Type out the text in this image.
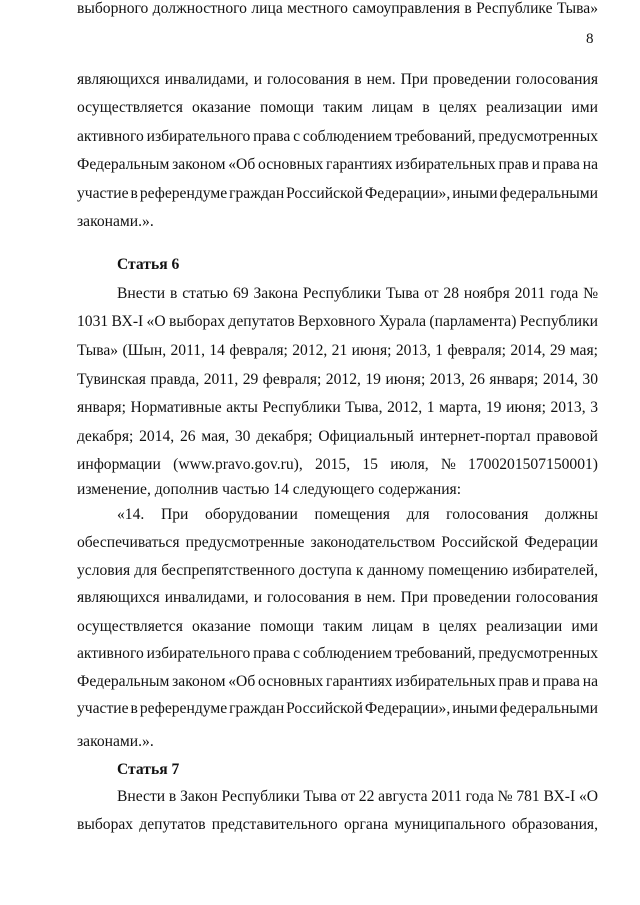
8
являющихся инвалидами, и голосования в нем. При проведении голосования
осуществляется оказание помощи таким лицам в целях реализации ими
активного избирательного права с соблюдением требований, предусмотренных
Федеральным законом «Об основных гарантиях избирательных прав и права на
участие в референдуме граждан Российской Федерации», иными федеральными
законами.».
Статья 6
Внести в статью 69 Закона Республики Тыва от 28 ноября 2011 года №
1031 ВХ-I «О выборах депутатов Верховного Хурала (парламента) Республики
Тыва» (Шын, 2011, 14 февраля; 2012, 21 июня; 2013, 1 февраля; 2014, 29 мая;
Тувинская правда, 2011, 29 февраля; 2012, 19 июня; 2013, 26 января; 2014, 30
января; Нормативные акты Республики Тыва, 2012, 1 марта, 19 июня; 2013, 3
декабря; 2014, 26 мая, 30 декабря; Официальный интернет-портал правовой
информации (www.pravo.gov.ru), 2015, 15 июля, № 1700201507150001)
изменение, дополнив частью 14 следующего содержания:
«14. При оборудовании помещения для голосования должны
обеспечиваться предусмотренные законодательством Российской Федерации
условия для беспрепятственного доступа к данному помещению избирателей,
являющихся инвалидами, и голосования в нем. При проведении голосования
осуществляется оказание помощи таким лицам в целях реализации ими
активного избирательного права с соблюдением требований, предусмотренных
Федеральным законом «Об основных гарантиях избирательных прав и права на
участие в референдуме граждан Российской Федерации», иными федеральными
законами.».
Статья 7
Внести в Закон Республики Тыва от 22 августа 2011 года № 781 ВХ-I «О
выборах депутатов представительного органа муниципального образования,
выборного должностного лица местного самоуправления в Республике Тыва»
